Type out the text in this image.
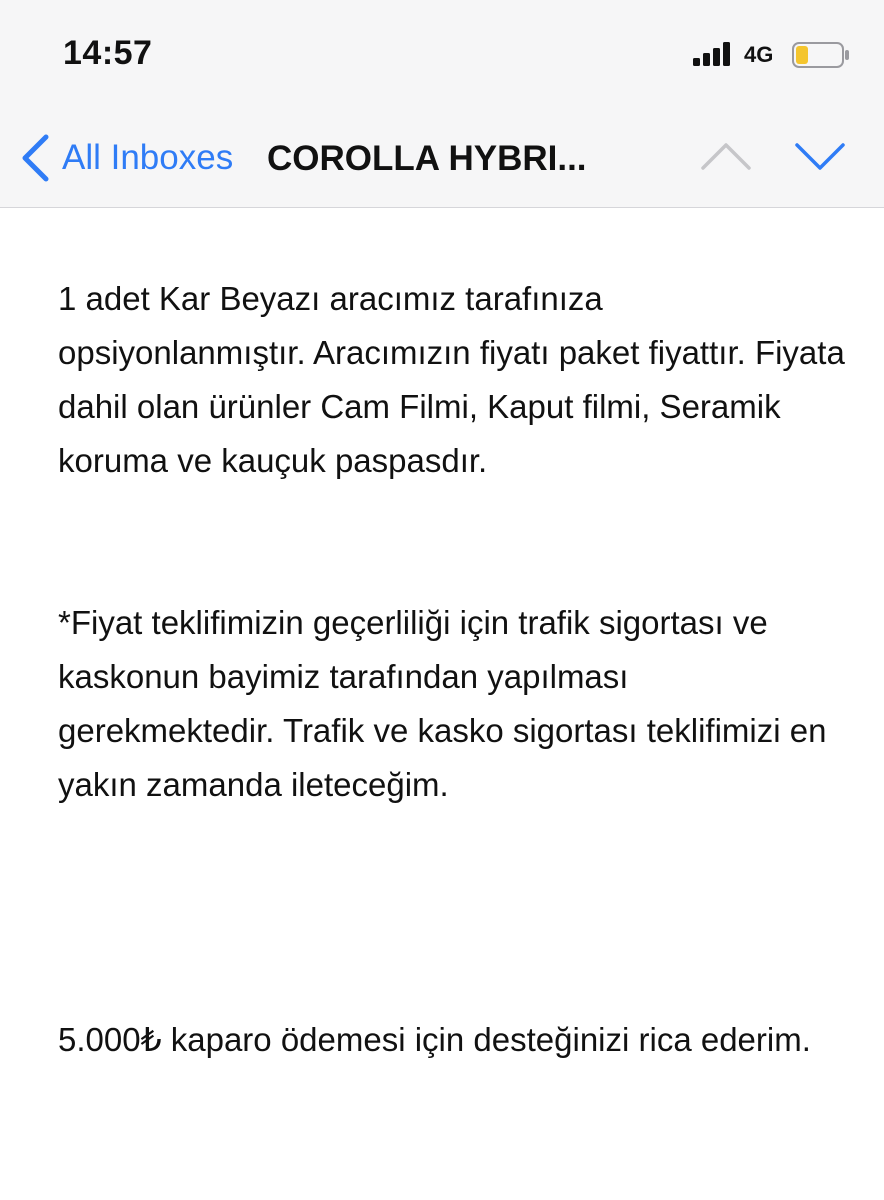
14:57	4G
All Inboxes COROLLA HYBRI...
1 adet Kar Beyazı aracımız tarafınıza opsiyonlanmıştır. Aracımızın fiyatı paket fiyattır. Fiyata dahil olan ürünler Cam Filmi, Kaput filmi, Seramik koruma ve kauçuk paspasdır.
*Fiyat teklifimizin geçerliliği için trafik sigortası ve kaskonun bayimiz tarafından yapılması gerekmektedir. Trafik ve kasko sigortası teklifimizi en yakın zamanda ileteceğim.
5.000₺ kaparo ödemesi için desteğinizi rica ederim.
